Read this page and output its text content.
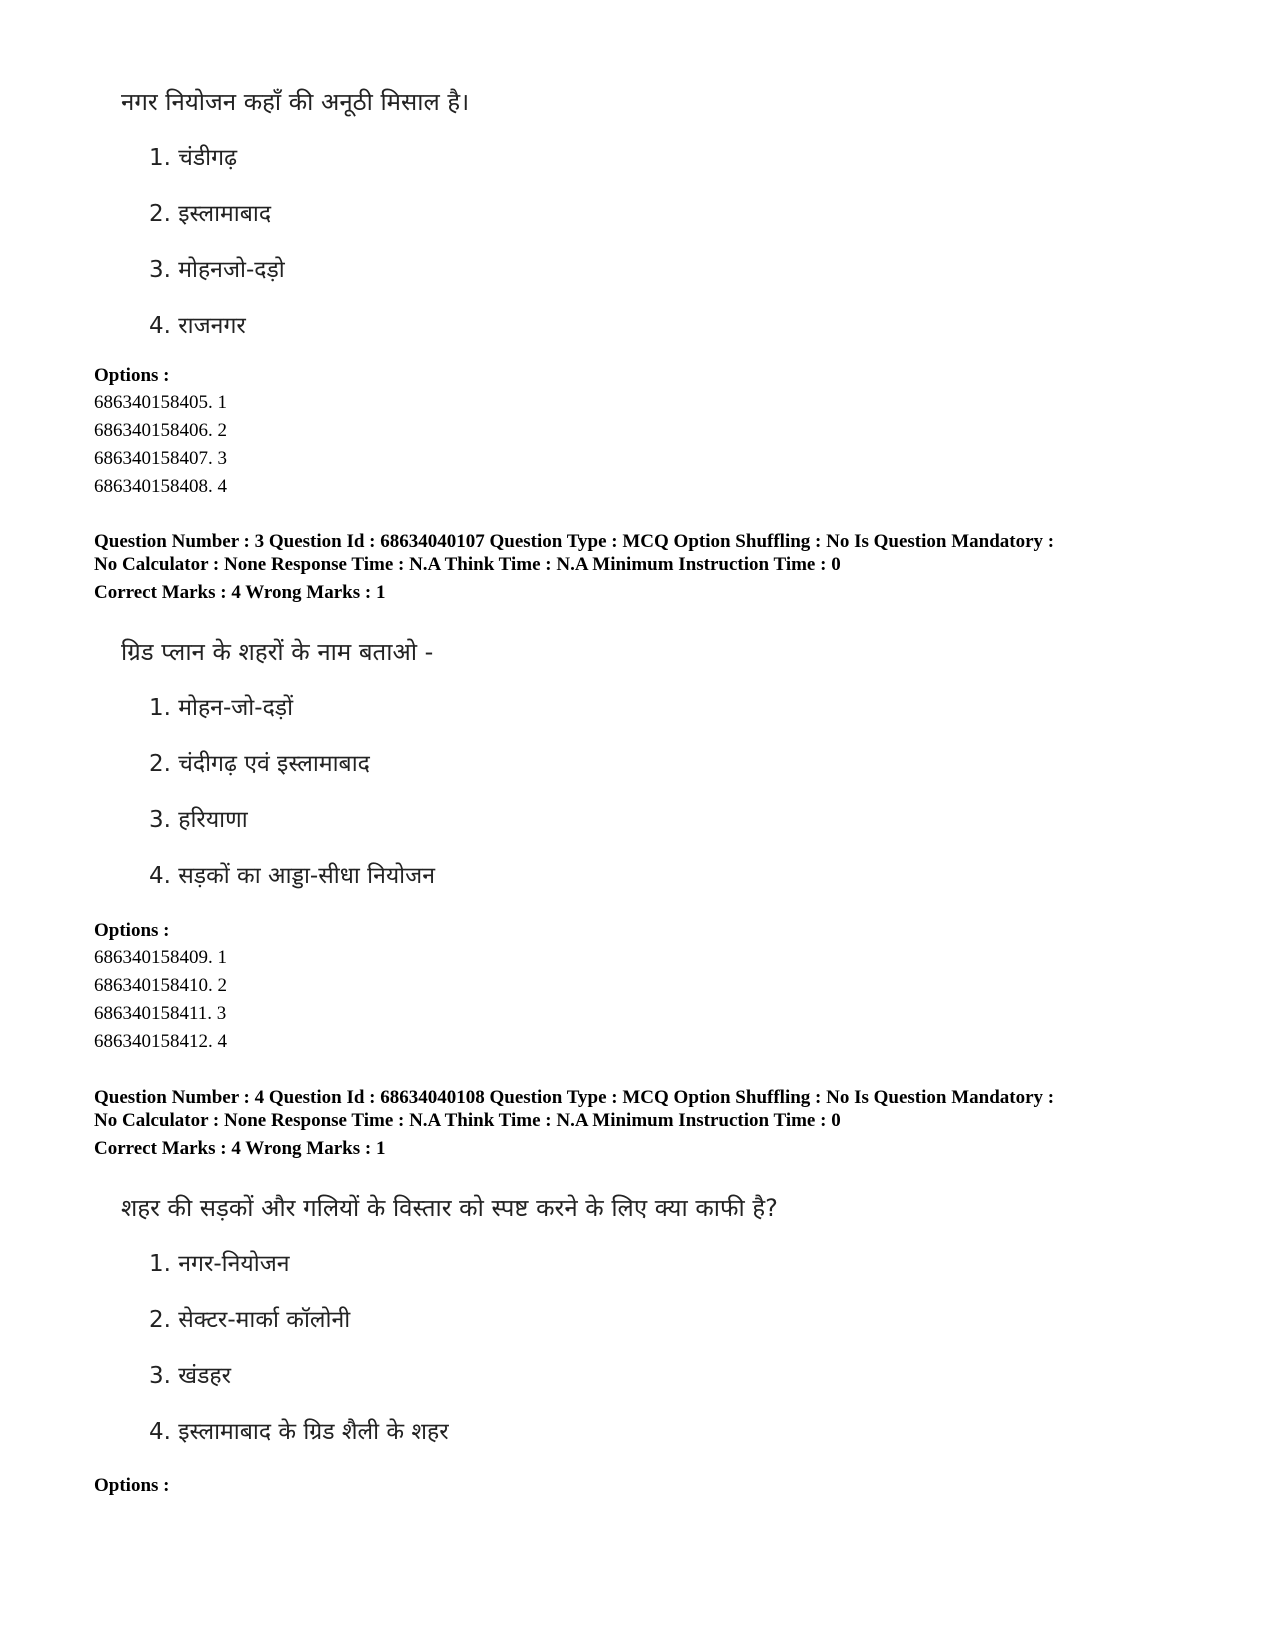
नगर नियोजन कहाँ की अनूठी मिसाल है।
1. चंडीगढ़
2. इस्लामाबाद
3. मोहनजो-दड़ो
4. राजनगर
Options :
686340158405. 1
686340158406. 2
686340158407. 3
686340158408. 4
Question Number : 3 Question Id : 68634040107 Question Type : MCQ Option Shuffling : No Is Question Mandatory :
No Calculator : None Response Time : N.A Think Time : N.A Minimum Instruction Time : 0
Correct Marks : 4 Wrong Marks : 1
ग्रिड प्लान के शहरों के नाम बताओ -
1. मोहन-जो-दड़ों
2. चंदीगढ़ एवं इस्लामाबाद
3. हरियाणा
4. सड़कों का आड्डा-सीधा नियोजन
Options :
686340158409. 1
686340158410. 2
686340158411. 3
686340158412. 4
Question Number : 4 Question Id : 68634040108 Question Type : MCQ Option Shuffling : No Is Question Mandatory :
No Calculator : None Response Time : N.A Think Time : N.A Minimum Instruction Time : 0
Correct Marks : 4 Wrong Marks : 1
शहर की सड़कों और गलियों के विस्तार को स्पष्ट करने के लिए क्या काफी है?
1. नगर-नियोजन
2. सेक्टर-मार्का कॉलोनी
3. खंडहर
4. इस्लामाबाद के ग्रिड शैली के शहर
Options :
